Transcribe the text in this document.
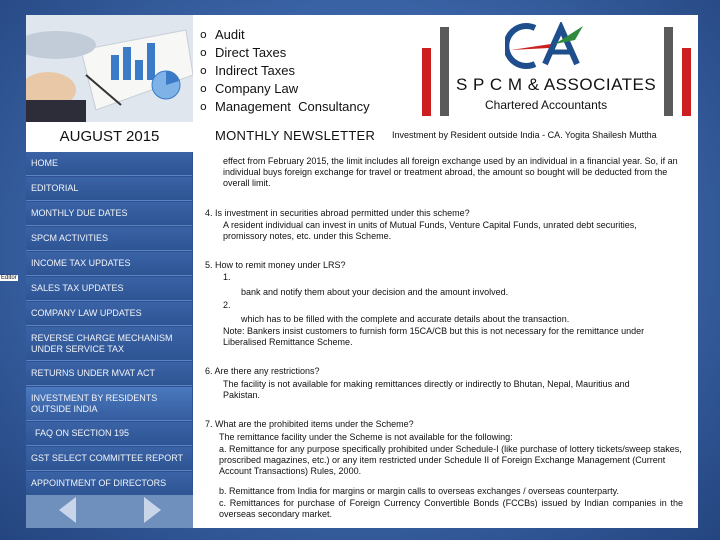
o Audit
o Direct Taxes
o Indirect Taxes
o Company Law
o Management  Consultancy
S P C M & ASSOCIATES
Chartered Accountants
AUGUST 2015	MONTHLY NEWSLETTER Investment by Resident outside India - CA. Yogita Shailesh Muttha
HOME
EDITORIAL
MONTHLY DUE DATES
SPCM ACTIVITIES
INCOME TAX UPDATES
SALES TAX UPDATES
COMPANY LAW UPDATES
REVERSE CHARGE MECHANISM UNDER SERVICE TAX
RETURNS UNDER MVAT ACT
INVESTMENT BY RESIDENTS OUTSIDE INDIA
FAQ ON SECTION 195
GST SELECT COMMITTEE REPORT
APPOINTMENT OF DIRECTORS
Editor
effect from February 2015, the limit includes all foreign exchange used by an individual in a financial year. So, if an individual buys foreign exchange for travel or treatment abroad, the amount so bought will be deducted from the overall limit.
4. Is investment in securities abroad permitted under this scheme?
A resident individual can invest in units of Mutual Funds, Venture Capital Funds, unrated debt securities, promissory notes, etc. under this Scheme.
5. How to remit money under LRS?
1.
bank and notify them about your decision and the amount involved.
2.
which has to be filled with the complete and accurate details about the transaction.
Note: Bankers insist customers to furnish form 15CA/CB but this is not necessary for the remittance under Liberalised Remittance Scheme.
6. Are there any restrictions?
The facility is not available for making remittances directly or indirectly to Bhutan, Nepal, Mauritius and Pakistan.
7. What are the prohibited items under the Scheme?
The remittance facility under the Scheme is not available for the following:
a. Remittance for any purpose specifically prohibited under Schedule-I (like purchase of lottery tickets/sweep stakes, proscribed magazines, etc.) or any item restricted under Schedule II of Foreign Exchange Management (Current Account Transactions) Rules, 2000.
b. Remittance from India for margins or margin calls to overseas exchanges / overseas counterparty.
c. Remittances for purchase of Foreign Currency Convertible Bonds (FCCBs) issued by Indian companies in the overseas secondary market.
